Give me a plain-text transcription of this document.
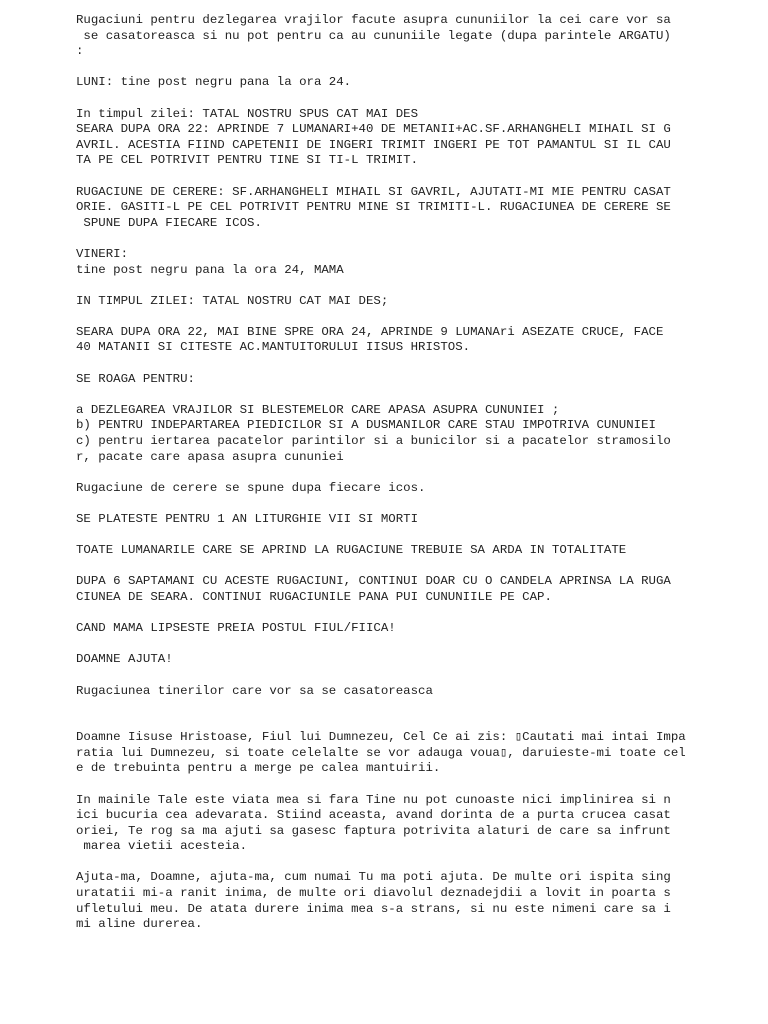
Rugaciuni pentru dezlegarea vrajilor facute asupra cununiilor la cei care vor sa
se casatoreasca si nu pot pentru ca au cununiile legate (dupa parintele ARGATU)
:

LUNI: tine post negru pana la ora 24.

In timpul zilei: TATAL NOSTRU SPUS CAT MAI DES
SEARA DUPA ORA 22: APRINDE 7 LUMANARI+40 DE METANII+AC.SF.ARHANGHELI MIHAIL SI G
AVRIL. ACESTIA FIIND CAPETENII DE INGERI TRIMIT INGERI PE TOT PAMANTUL SI IL CAU
TA PE CEL POTRIVIT PENTRU TINE SI TI-L TRIMIT.

RUGACIUNE DE CERERE: SF.ARHANGHELI MIHAIL SI GAVRIL, AJUTATI-MI MIE PENTRU CASAT
ORIE. GASITI-L PE CEL POTRIVIT PENTRU MINE SI TRIMITI-L. RUGACIUNEA DE CERERE SE
SPUNE DUPA FIECARE ICOS.

VINERI:
tine post negru pana la ora 24, MAMA

IN TIMPUL ZILEI: TATAL NOSTRU CAT MAI DES;

SEARA DUPA ORA 22, MAI BINE SPRE ORA 24, APRINDE 9 LUMANAri ASEZATE CRUCE, FACE
40 MATANII SI CITESTE AC.MANTUITORULUI IISUS HRISTOS.

SE ROAGA PENTRU:

a DEZLEGAREA VRAJILOR SI BLESTEMELOR CARE APASA ASUPRA CUNUNIEI ;
b) PENTRU INDEPARTAREA PIEDICILOR SI A DUSMANILOR CARE STAU IMPOTRIVA CUNUNIEI
c) pentru iertarea pacatelor parintilor si a bunicilor si a pacatelor stramosilo
r, pacate care apasa asupra cununiei

Rugaciune de cerere se spune dupa fiecare icos.

SE PLATESTE PENTRU 1 AN LITURGHIE VII SI MORTI

TOATE LUMANARILE CARE SE APRIND LA RUGACIUNE TREBUIE SA ARDA IN TOTALITATE

DUPA 6 SAPTAMANI CU ACESTE RUGACIUNI, CONTINUI DOAR CU O CANDELA APRINSA LA RUGA
CIUNEA DE SEARA. CONTINUI RUGACIUNILE PANA PUI CUNUNIILE PE CAP.

CAND MAMA LIPSESTE PREIA POSTUL FIUL/FIICA!

DOAMNE AJUTA!

Rugaciunea tinerilor care vor sa se casatoreasca

Doamne Iisuse Hristoase, Fiul lui Dumnezeu, Cel Ce ai zis: ▯Cautati mai intai Impa
ratia lui Dumnezeu, si toate celelalte se vor adauga voua▯, daruieste-mi toate cel
e de trebuinta pentru a merge pe calea mantuirii.

In mainile Tale este viata mea si fara Tine nu pot cunoaste nici implinirea si n
ici bucuria cea adevarata. Stiind aceasta, avand dorinta de a purta crucea casat
oriei, Te rog sa ma ajuti sa gasesc faptura potrivita alaturi de care sa infrunt
marea vietii acesteia.

Ajuta-ma, Doamne, ajuta-ma, cum numai Tu ma poti ajuta. De multe ori ispita sing
uratatii mi-a ranit inima, de multe ori diavolul deznadejdii a lovit in poarta s
ufletului meu. De atata durere inima mea s-a strans, si nu este nimeni care sa i
mi aline durerea.
